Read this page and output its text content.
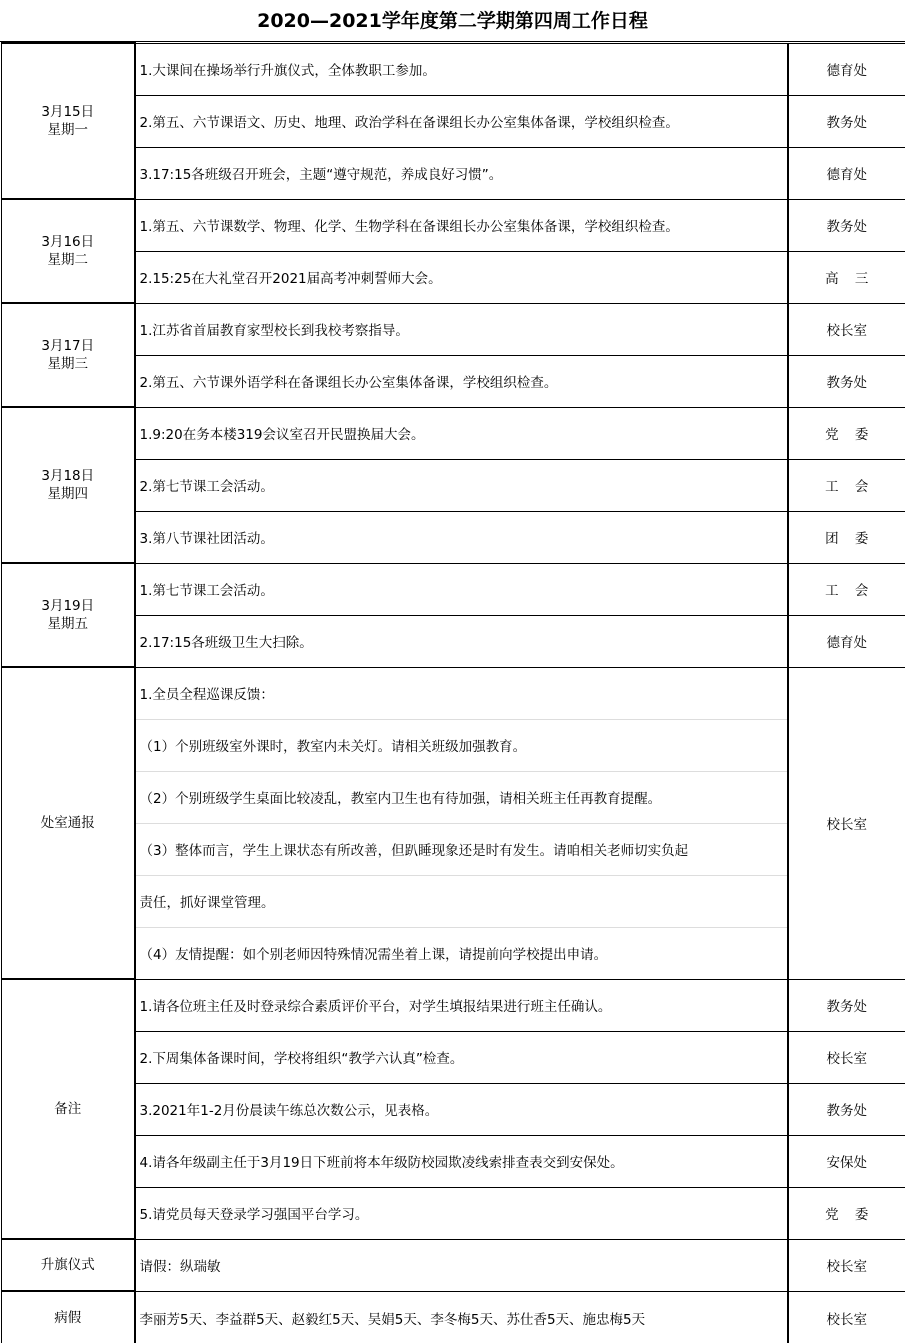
2020—2021学年度第二学期第四周工作日程
3月15日
星期一	1.大课间在操场举行升旗仪式，全体教职工参加。	德育处
	2.第五、六节课语文、历史、地理、政治学科在备课组长办公室集体备课，学校组织检查。	教务处
	3.17:15各班级召开班会，主题“遵守规范，养成良好习惯”。	德育处

3月16日
星期二	1.第五、六节课数学、物理、化学、生物学科在备课组长办公室集体备课，学校组织检查。	教务处
	2.15:25在大礼堂召开2021届高考冲刺誓师大会。	高三

3月17日
星期三	1.江苏省首届教育家型校长到我校考察指导。	校长室
	2.第五、六节课外语学科在备课组长办公室集体备课，学校组织检查。	教务处

3月18日
星期四	1.9:20在务本楼319会议室召开民盟换届大会。	党委
	2.第七节课工会活动。	工会
	3.第八节课社团活动。	团委

3月19日
星期五	1.第七节课工会活动。	工会
	2.17:15各班级卫生大扫除。	德育处
处室通报	1.全员全程巡课反馈：	校长室
	（1）个别班级室外课时，教室内未关灯。请相关班级加强教育。	
	（2）个别班级学生桌面比较凌乱，教室内卫生也有待加强，请相关班主任再教育提醒。	
	（3）整体而言，学生上课状态有所改善，但趴睡现象还是时有发生。请咱相关老师切实负起	
	责任，抓好课堂管理。	
	（4）友情提醒：如个别老师因特殊情况需坐着上课，请提前向学校提出申请。	
备注	1.请各位班主任及时登录综合素质评价平台，对学生填报结果进行班主任确认。	教务处
	2.下周集体备课时间，学校将组织“教学六认真”检查。	校长室
	3.2021年1-2月份晨读午练总次数公示，见表格。	教务处
	4.请各年级副主任于3月19日下班前将本年级防校园欺凌线索排查表交到安保处。	安保处
	5.请党员每天登录学习强国平台学习。	党委
升旗仪式	请假：纵瑞敏	校长室
病假	李丽芳5天、李益群5天、赵毅红5天、吴娟5天、李冬梅5天、苏仕香5天、施忠梅5天	校长室
